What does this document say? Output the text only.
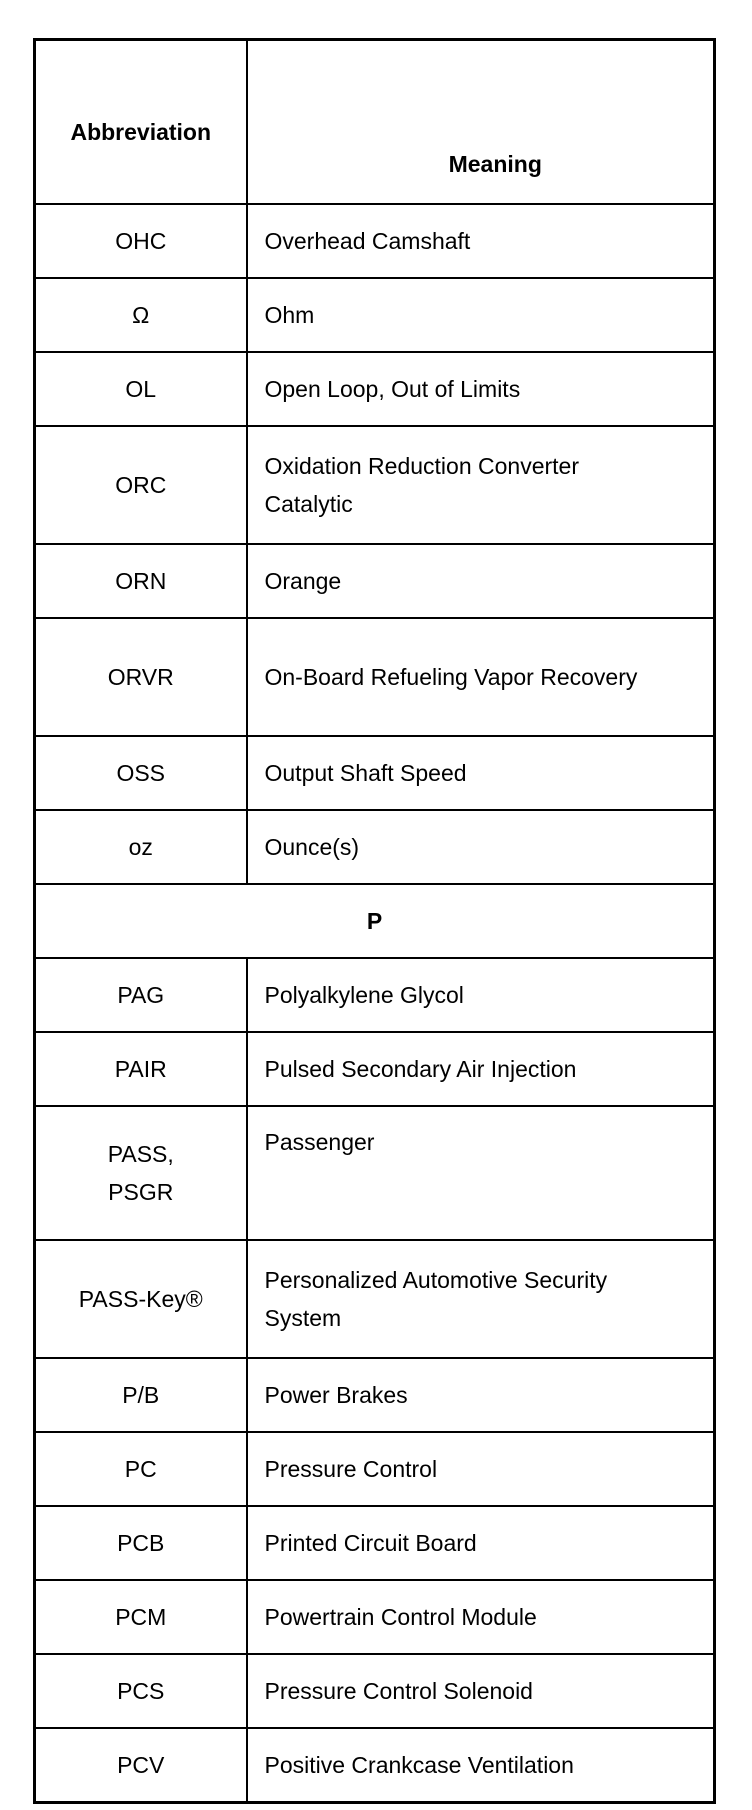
Abbreviation	Meaning

OHC	Overhead Camshaft

Ω	Ohm

OL	Open Loop, Out of Limits

ORC	Oxidation Reduction Converter Catalytic

ORN	Orange

ORVR	On-Board Refueling Vapor Recovery

OSS	Output Shaft Speed

oz	Ounce(s)

P	

PAG	Polyalkylene Glycol

PAIR	Pulsed Secondary Air Injection

PASS, PSGR	Passenger

PASS-Key®	Personalized Automotive Security System

P/B	Power Brakes

PC	Pressure Control

PCB	Printed Circuit Board

PCM	Powertrain Control Module

PCS	Pressure Control Solenoid

PCV	Positive Crankcase Ventilation
